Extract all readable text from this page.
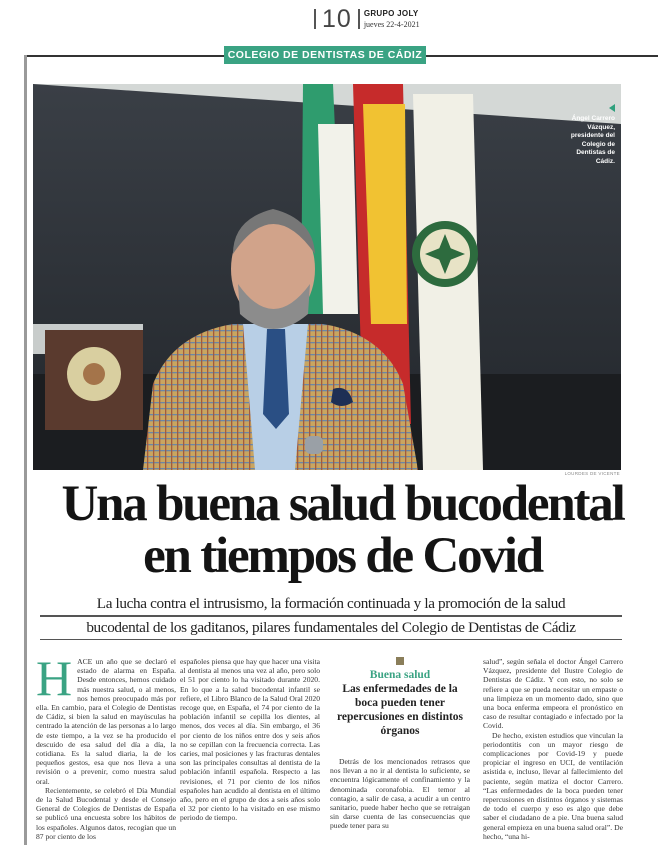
10 GRUPO JOLY
jueves 22-4-2021
COLEGIO DE DENTISTAS DE CÁDIZ
Ángel Carrero Vázquez, presidente del Colegio de Dentistas de Cádiz.
LOURDES DE VICENTE
Una buena salud bucodental
en tiempos de Covid
La lucha contra el intrusismo, la formación continuada y la promoción de la salud
bucodental de los gaditanos, pilares fundamentales del Colegio de Dentistas de Cádiz
H ACE un año que se declaró el estado de alarma en España. Desde entonces, hemos cuidado más nuestra salud, o al menos, nos hemos preocupado más por ella. En cambio, para el Colegio de Dentistas de Cádiz, si bien la salud en mayúsculas ha centrado la atención de las personas a lo largo de este tiempo, a la vez se ha producido el descuido de esa salud del día a día, la cotidiana. Es la salud diaria, la de los pequeños gestos, esa que nos lleva a una revisión o a prevenir, como nuestra salud oral.

Recientemente, se celebró el Día Mundial de la Salud Bucodental y desde el Consejo General de Colegios de Dentistas de España se publicó una encuesta sobre los hábitos de los españoles. Algunos datos, recogían que un 87 por ciento de los

españoles piensa que hay que hacer una visita al dentista al menos una vez al año, pero solo el 51 por ciento lo ha visitado durante 2020. En lo que a la salud bucodental infantil se refiere, el Libro Blanco de la Salud Oral 2020 recoge que, en España, el 74 por ciento de la población infantil se cepilla los dientes, al menos, dos veces al día. Sin embargo, el 36 por ciento de los niños entre dos y seis años no se cepillan con la frecuencia correcta. Las caries, mal posiciones y las fracturas dentales son las principales consultas al dentista de la población infantil española. Respecto a las revisiones, el 71 por ciento de los niños españoles han acudido al dentista en el último año, pero en el grupo de dos a seis años solo el 32 por ciento lo ha visitado en ese mismo periodo de tiempo.

Buena salud
Las enfermedades de la boca pueden tener repercusiones en distintos órganos

Detrás de los mencionados retrasos que nos llevan a no ir al dentista lo suficiente, se encuentra lógicamente el confinamiento y la denominada coronafobia. El temor al contagio, a salir de casa, a acudir a un centro sanitario, puede haber hecho que se retraigan sin darse cuenta de las consecuencias que puede tener para su

salud”, según señala el doctor Ángel Carrero Vázquez, presidente del Ilustre Colegio de Dentistas de Cádiz. Y con esto, no solo se refiere a que se pueda necesitar un empaste o una limpieza en un momento dado, sino que una boca enferma empeora el pronóstico en caso de resultar contagiado e infectado por la Covid.

De hecho, existen estudios que vinculan la periodontitis con un mayor riesgo de complicaciones por Covid-19 y puede propiciar el ingreso en UCI, de ventilación asistida e, incluso, llevar al fallecimiento del paciente, según matiza el doctor Carrero. “Las enfermedades de la boca pueden tener repercusiones en distintos órganos y sistemas de todo el cuerpo y eso es algo que debe saber el ciudadano de a pie. Una buena salud general empieza en una buena salud oral”. De hecho, “una hi-
